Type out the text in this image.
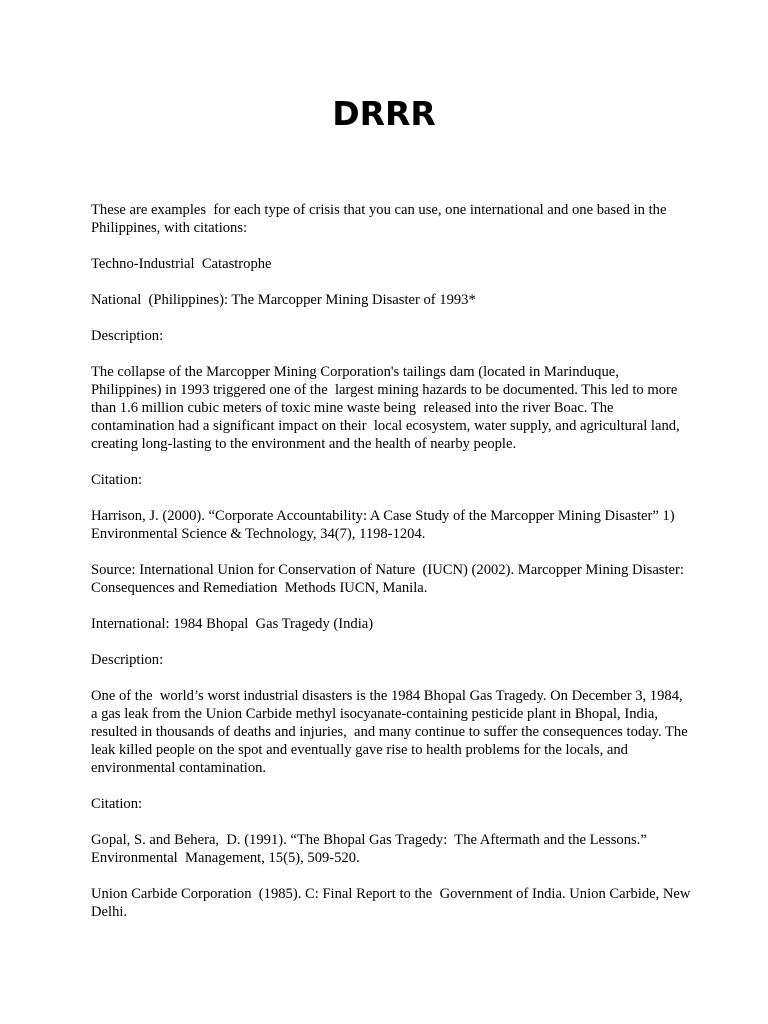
DRRR

These are examples  for each type of crisis that you can use, one international and one based in the Philippines, with citations:

Techno-Industrial  Catastrophe

National  (Philippines): The Marcopper Mining Disaster of 1993*

Description:

The collapse of the Marcopper Mining Corporation's tailings dam (located in Marinduque, Philippines) in 1993 triggered one of the  largest mining hazards to be documented. This led to more than 1.6 million cubic meters of toxic mine waste being  released into the river Boac. The contamination had a significant impact on their  local ecosystem, water supply, and agricultural land, creating long-lasting to the environment and the health of nearby people.

Citation:

Harrison, J. (2000). “Corporate Accountability: A Case Study of the Marcopper Mining Disaster” 1)  Environmental Science & Technology, 34(7), 1198-1204.

Source: International Union for Conservation of Nature  (IUCN) (2002). Marcopper Mining Disaster: Consequences and Remediation  Methods IUCN, Manila.

International: 1984 Bhopal  Gas Tragedy (India)

Description:

One of the  world’s worst industrial disasters is the 1984 Bhopal Gas Tragedy. On December 3, 1984, a gas leak from the Union Carbide methyl isocyanate-containing pesticide plant in Bhopal, India, resulted in thousands of deaths and injuries,  and many continue to suffer the consequences today. The  leak killed people on the spot and eventually gave rise to health problems for the locals, and environmental contamination.

Citation:

Gopal, S. and Behera,  D. (1991). “The Bhopal Gas Tragedy:  The Aftermath and the Lessons.” Environmental  Management, 15(5), 509-520.

Union Carbide Corporation  (1985). C: Final Report to the  Government of India. Union Carbide, New Delhi.
